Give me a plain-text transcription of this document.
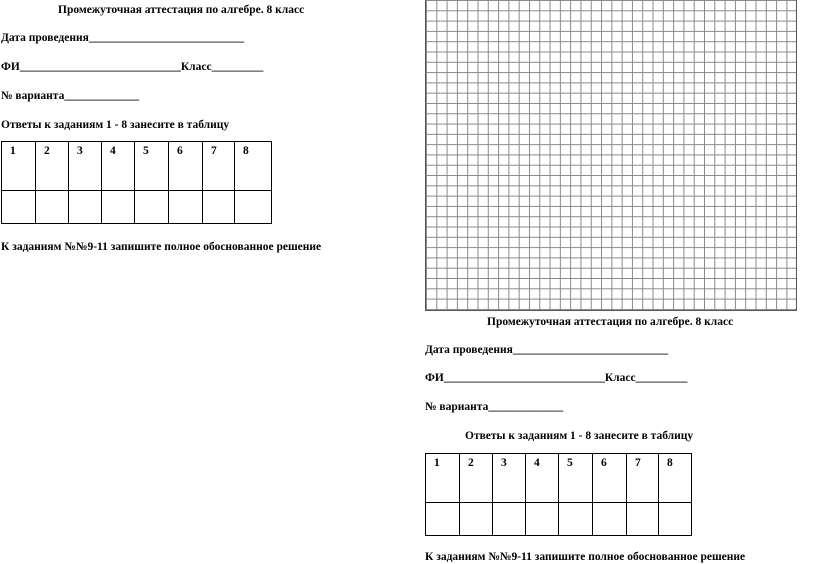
Промежуточная аттестация по алгебре. 8 класс
Дата проведения___________________________
ФИ____________________________Класс_________
№ варианта_____________
Ответы к заданиям 1 - 8 занесите в таблицу
1	2	3	4	5	6	7	8

К заданиям №№9-11 запишите полное обоснованное решение
Промежуточная аттестация по алгебре. 8 класс
Дата проведения___________________________
ФИ____________________________Класс_________
№ варианта_____________
Ответы к заданиям 1 - 8 занесите в таблицу
1	2	3	4	5	6	7	8

К заданиям №№9-11 запишите полное обоснованное решение
